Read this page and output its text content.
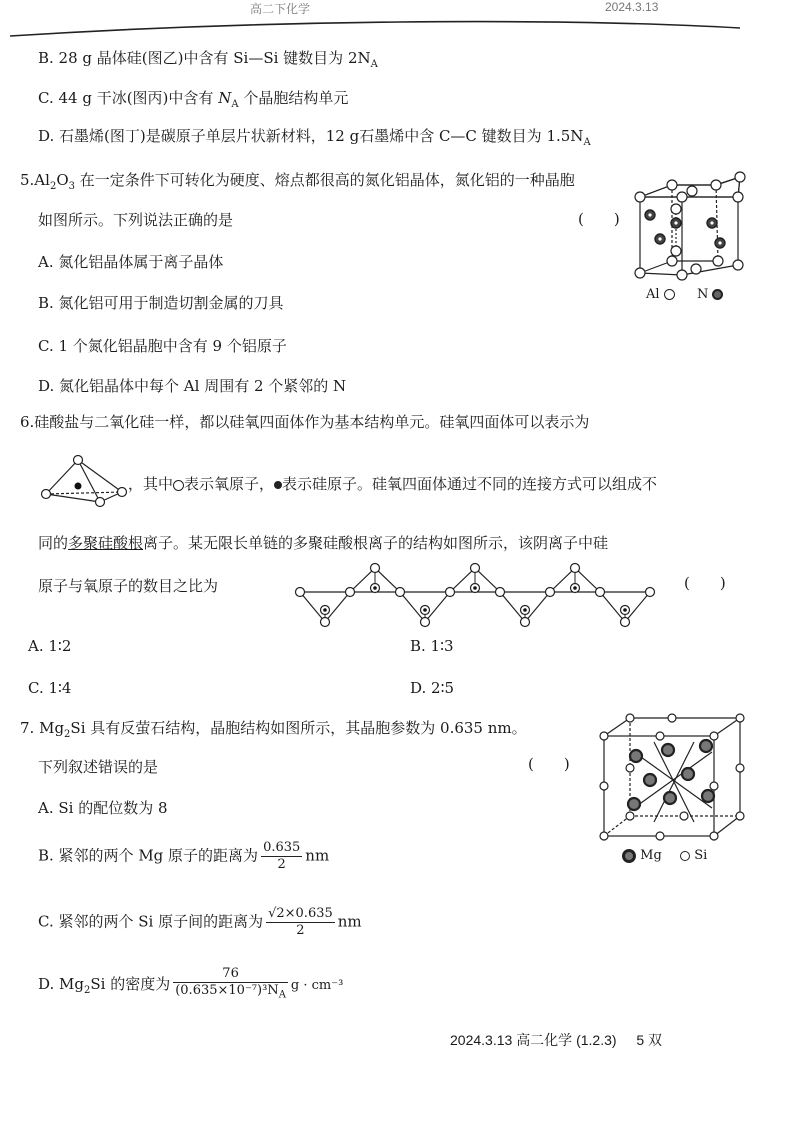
高二下化学	2024.3.13
B. 28 g 晶体硅(图乙)中含有 Si—Si 键数目为 $2N_A$
C. 44 g 干冰(图丙)中含有 $N_A$ 个晶胞结构单元
D. 石墨烯(图丁)是碳原子单层片状新材料，12 g石墨烯中含 C—C 键数目为 $1.5N_A$
$5.Al_2O_3$ 在一定条件下可转化为硬度、熔点都很高的氮化铝晶体，氮化铝的一种晶胞
如图所示。下列说法正确的是	(　　)
A. 氮化铝晶体属于离子晶体
B. 氮化铝可用于制造切割金属的刀具
C. 1 个氮化铝晶胞中含有 9 个铝原子
D. 氮化铝晶体中每个 Al 周围有 2 个紧邻的 N
Al	N
6.硅酸盐与二氧化硅一样，都以硅氧四面体作为基本结构单元。硅氧四面体可以表示为
，其中 表示氧原子， 表示硅原子。硅氧四面体通过不同的连接方式可以组成不
同的多聚硅酸根离子。某无限长单链的多聚硅酸根离子的结构如图所示，该阴离子中硅
原子与氧原子的数目之比为	(　　)
A. 1∶2	B. 1∶3
C. 1∶4	D. 2∶5
7. $Mg_2Si$ 具有反萤石结构，晶胞结构如图所示，其晶胞参数为 0.635 nm。
下列叙述错误的是	(　　)
A. Si 的配位数为 8
B. 紧邻的两个 Mg 原子的距离为 $\frac{0.635}{2}$ nm
C. 紧邻的两个 Si 原子间的距离为 $\frac{√2\times 0.635}{2}$ nm
D. $Mg_2Si$ 的密度为 $\frac{76}{(0.635\times 10^{-7})^3N_A}$ g · cm⁻³
Mg Si
2024.3.13 高二化学 (1.2.3) 5 双
